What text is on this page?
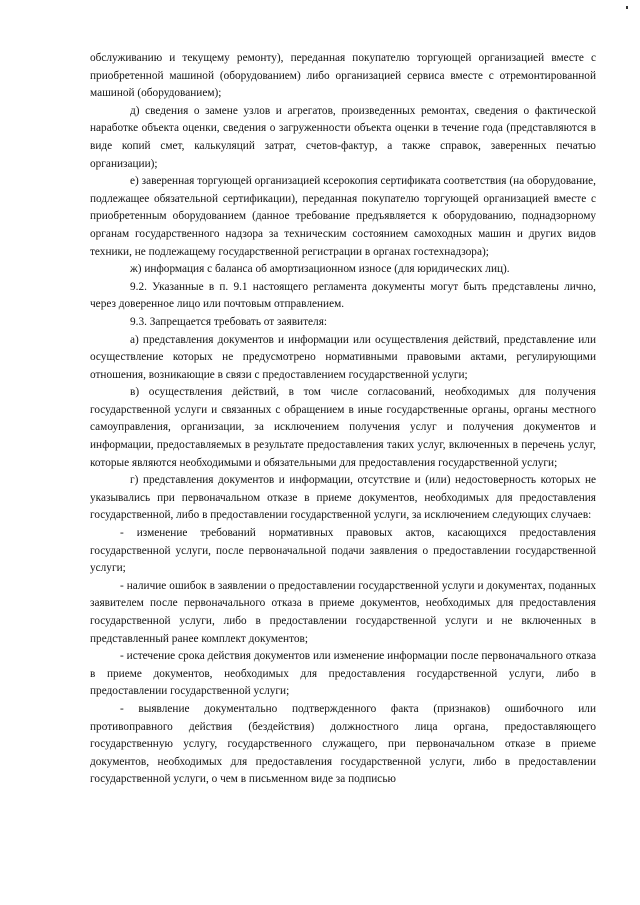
обслуживанию и текущему ремонту), переданная покупателю торгующей организацией вместе с приобретенной машиной (оборудованием) либо организацией сервиса вместе с отремонтированной машиной (оборудованием);

д) сведения о замене узлов и агрегатов, произведенных ремонтах, сведения о фактической наработке объекта оценки, сведения о загруженности объекта оценки в течение года (представляются в виде копий смет, калькуляций затрат, счетов-фактур, а также справок, заверенных печатью организации);

е) заверенная торгующей организацией ксерокопия сертификата соответствия (на оборудование, подлежащее обязательной сертификации), переданная покупателю торгующей организацией вместе с приобретенным оборудованием (данное требование предъявляется к оборудованию, поднадзорному органам государственного надзора за техническим состоянием самоходных машин и других видов техники, не подлежащему государственной регистрации в органах гостехнадзора);

ж) информация с баланса об амортизационном износе (для юридических лиц).

9.2. Указанные в п. 9.1 настоящего регламента документы могут быть представлены лично, через доверенное лицо или почтовым отправлением.

9.3. Запрещается требовать от заявителя:

а) представления документов и информации или осуществления действий, представление или осуществление которых не предусмотрено нормативными правовыми актами, регулирующими отношения, возникающие в связи с предоставлением государственной услуги;

в) осуществления действий, в том числе согласований, необходимых для получения государственной услуги и связанных с обращением в иные государственные органы, органы местного самоуправления, организации, за исключением получения услуг и получения документов и информации, предоставляемых в результате предоставления таких услуг, включенных в перечень услуг, которые являются необходимыми и обязательными для предоставления государственной услуги;

г) представления документов и информации, отсутствие и (или) недостоверность которых не указывались при первоначальном отказе в приеме документов, необходимых для предоставления государственной, либо в предоставлении государственной услуги, за исключением следующих случаев:

- изменение требований нормативных правовых актов, касающихся предоставления государственной услуги, после первоначальной подачи заявления о предоставлении государственной услуги;

- наличие ошибок в заявлении о предоставлении государственной услуги и документах, поданных заявителем после первоначального отказа в приеме документов, необходимых для предоставления государственной услуги, либо в предоставлении государственной услуги и не включенных в представленный ранее комплект документов;

- истечение срока действия документов или изменение информации после первоначального отказа в приеме документов, необходимых для предоставления государственной услуги, либо в предоставлении государственной услуги;

- выявление документально подтвержденного факта (признаков) ошибочного или противоправного действия (бездействия) должностного лица органа, предоставляющего государственную услугу, государственного служащего, при первоначальном отказе в приеме документов, необходимых для предоставления государственной услуги, либо в предоставлении государственной услуги, о чем в письменном виде за подписью
